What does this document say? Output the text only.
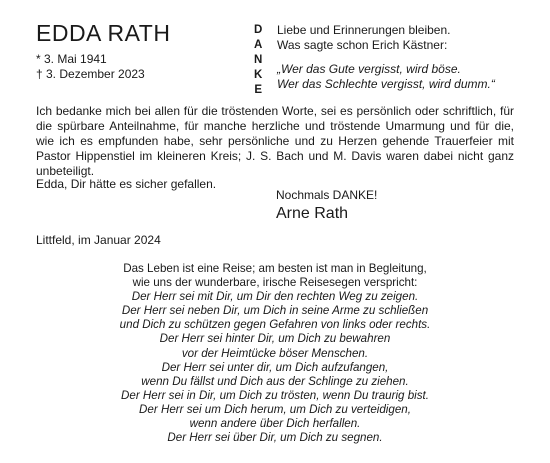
EDDA RATH
* 3. Mai 1941
† 3. Dezember 2023
D
A
N
K
E
Liebe und Erinnerungen bleiben.
Was sagte schon Erich Kästner:
„Wer das Gute vergisst, wird böse.
Wer das Schlechte vergisst, wird dumm.“
Ich bedanke mich bei allen für die tröstenden Worte, sei es persönlich oder schriftlich, für die spürbare Anteilnahme, für manche herzliche und tröstende Umarmung und für die, wie ich es empfunden habe, sehr persönliche und zu Herzen gehende Trauerfeier mit Pastor Hippenstiel im kleineren Kreis; J. S. Bach und M. Davis waren dabei nicht ganz unbeteiligt.
Edda, Dir hätte es sicher gefallen.
Nochmals DANKE!
Arne Rath
Littfeld, im Januar 2024
Das Leben ist eine Reise; am besten ist man in Begleitung,
wie uns der wunderbare, irische Reisesegen verspricht:
Der Herr sei mit Dir, um Dir den rechten Weg zu zeigen.
Der Herr sei neben Dir, um Dich in seine Arme zu schließen
und Dich zu schützen gegen Gefahren von links oder rechts.
Der Herr sei hinter Dir, um Dich zu bewahren
vor der Heimtücke böser Menschen.
Der Herr sei unter dir, um Dich aufzufangen,
wenn Du fällst und Dich aus der Schlinge zu ziehen.
Der Herr sei in Dir, um Dich zu trösten, wenn Du traurig bist.
Der Herr sei um Dich herum, um Dich zu verteidigen,
wenn andere über Dich herfallen.
Der Herr sei über Dir, um Dich zu segnen.
